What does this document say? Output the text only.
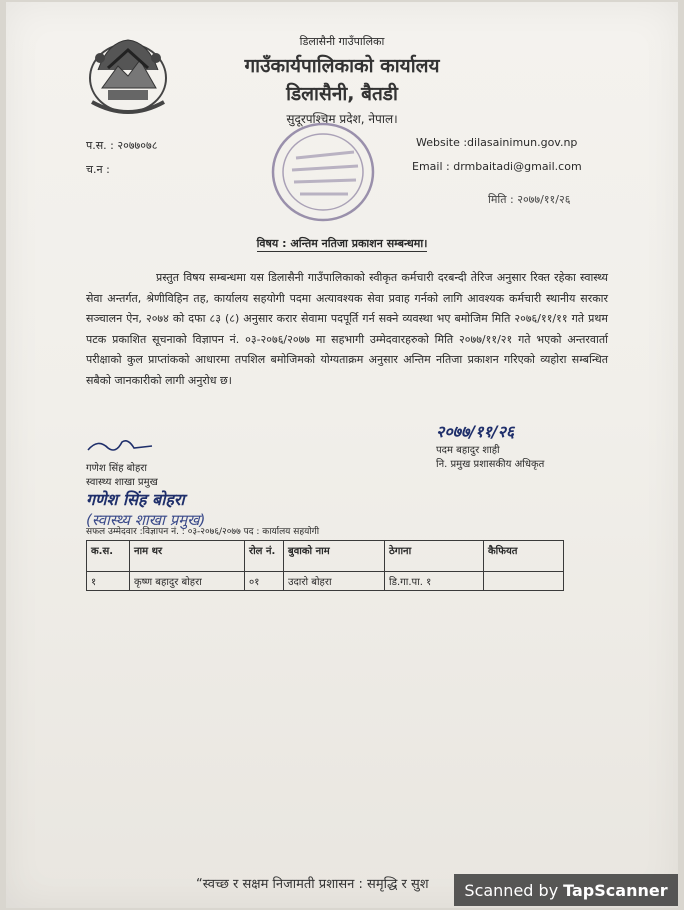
डिलासैनी गाउँपालिका
गाउँकार्यपालिकाको कार्यालय
डिलासैनी, बैतडी
सुदूरपश्चिम प्रदेश, नेपाल।
प.स. : २०७७०७८
च.न :
Website :dilasainimun.gov.np
Email : drmbaitadi@gmail.com
मिति : २०७७/११/२६
विषय : अन्तिम नतिजा प्रकाशन सम्बन्धमा।
प्रस्तुत विषय सम्बन्धमा यस डिलासैनी गाउँपालिकाको स्वीकृत कर्मचारी दरबन्दी तेरिज अनुसार रिक्त रहेका स्वास्थ्य सेवा अन्तर्गत, श्रेणीविहिन तह, कार्यालय सहयोगी पदमा अत्यावश्यक सेवा प्रवाह गर्नको लागि आवश्यक कर्मचारी स्थानीय सरकार सञ्चालन ऐन, २०७४ को दफा ८३ (८) अनुसार करार सेवामा पदपूर्ति गर्न सक्ने व्यवस्था भए बमोजिम मिति २०७६/११/११ गते प्रथम पटक प्रकाशित सूचनाको विज्ञापन नं. ०३-२०७६/२०७७ मा सहभागी उम्मेदवारहरुको मिति २०७७/११/२१ गते भएको अन्तरवार्ता परीक्षाको कुल प्राप्तांकको आधारमा तपशिल बमोजिमको योग्यताक्रम अनुसार अन्तिम नतिजा प्रकाशन गरिएको व्यहोरा सम्बन्धित सबैको जानकारीको लागी अनुरोध छ।
गणेश सिंह बोहरा
स्वास्थ्य शाखा प्रमुख
गणेश सिंह बोहरा
(स्वास्थ्य शाखा प्रमुख)
२०७७/११/२६
पदम बहादुर शाही
नि. प्रमुख प्रशासकीय अधिकृत
सफल उम्मेदवार :विज्ञापन नं. : ०३-२०७६/२०७७ पद : कार्यालय सहयोगी
क.स.	नाम थर	रोल नं.	बुवाको नाम	ठेगाना	कैफियत
१	कृष्ण बहादुर बोहरा	०१	उदारो बोहरा	डि.गा.पा. १	
“स्वच्छ र सक्षम निजामती प्रशासन : समृद्धि र सुश Scanned by TapScanner
